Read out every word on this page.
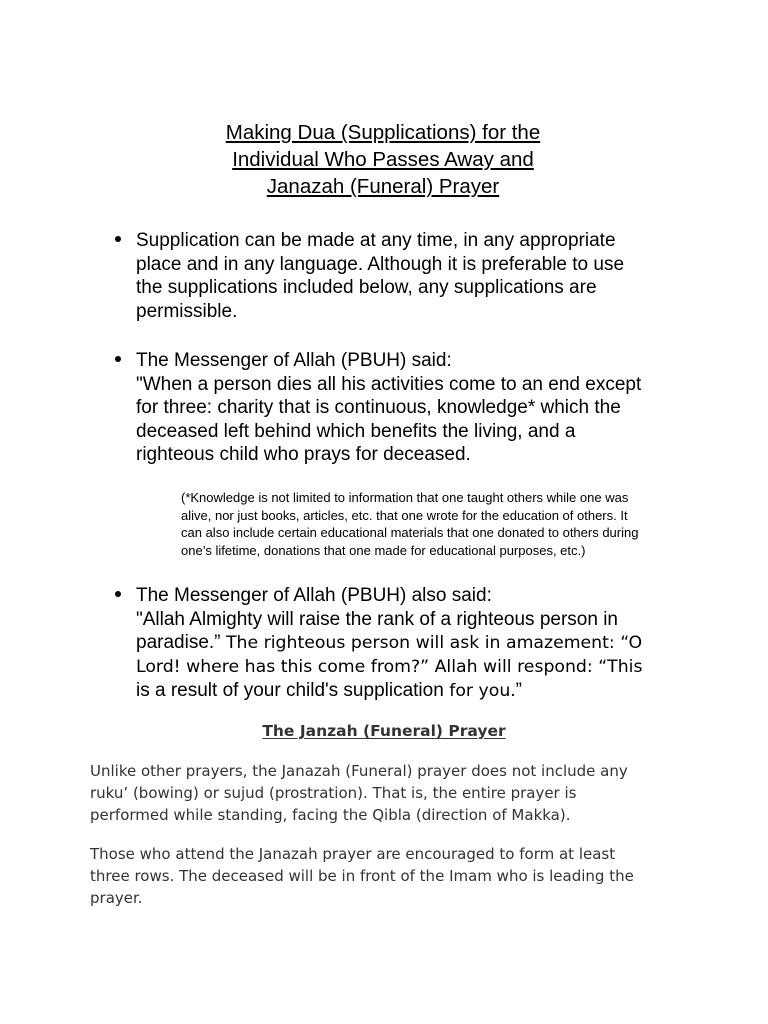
Making Dua (Supplications) for the
Individual Who Passes Away and
Janazah (Funeral) Prayer

Supplication can be made at any time, in any appropriate

place and in any language. Although it is preferable to use

the supplications included below, any supplications are

permissible.

The Messenger of Allah (PBUH) said:

"When a person dies all his activities come to an end except

for three: charity that is continuous, knowledge* which the

deceased left behind which benefits the living, and a

righteous child who prays for deceased.

(*Knowledge is not limited to information that one taught others while one was

alive, nor just books, articles, etc. that one wrote for the education of others. It

can also include certain educational materials that one donated to others during

one’s lifetime, donations that one made for educational purposes, etc.)

The Messenger of Allah (PBUH) also said:

"Allah Almighty will raise the rank of a righteous person in

paradise.” The righteous person will ask in amazement: “O

Lord! where has this come from?” Allah will respond: “This

is a result of your child's supplication for you.”

The Janzah (Funeral) Prayer

Unlike other prayers, the Janazah (Funeral) prayer does not include any

ruku’ (bowing) or sujud (prostration). That is, the entire prayer is

performed while standing, facing the Qibla (direction of Makka).

Those who attend the Janazah prayer are encouraged to form at least

three rows. The deceased will be in front of the Imam who is leading the

prayer.
